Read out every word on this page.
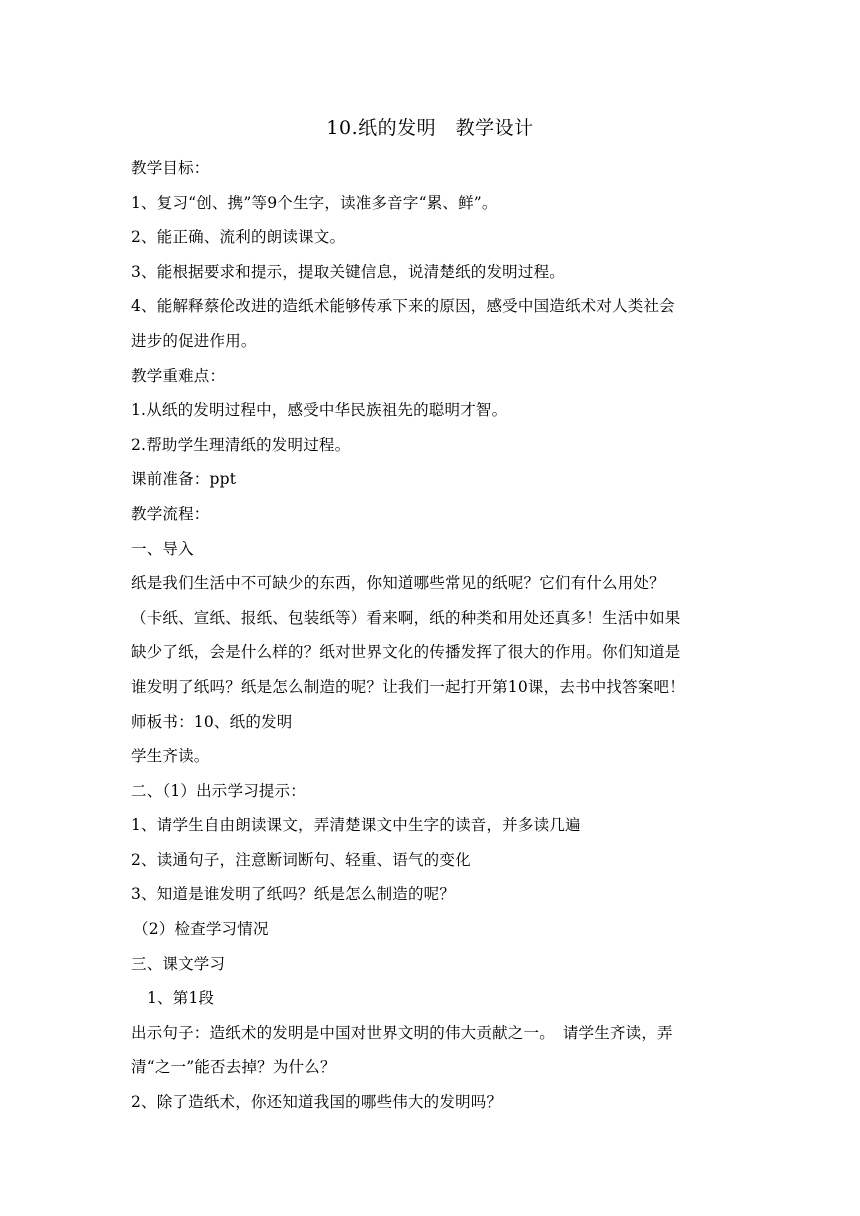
10.纸的发明　教学设计
教学目标：
1、复习“创、携”等9个生字，读准多音字“累、鲜”。
2、能正确、流利的朗读课文。
3、能根据要求和提示，提取关键信息，说清楚纸的发明过程。
4、能解释蔡伦改进的造纸术能够传承下来的原因，感受中国造纸术对人类社会
进步的促进作用。
教学重难点：
1.从纸的发明过程中，感受中华民族祖先的聪明才智。
2.帮助学生理清纸的发明过程。
课前准备：ppt
教学流程：
一、导入
纸是我们生活中不可缺少的东西，你知道哪些常见的纸呢？它们有什么用处？
（卡纸、宣纸、报纸、包装纸等）看来啊，纸的种类和用处还真多！生活中如果
缺少了纸，会是什么样的？纸对世界文化的传播发挥了很大的作用。你们知道是
谁发明了纸吗？纸是怎么制造的呢？让我们一起打开第10课，去书中找答案吧！
师板书：10、纸的发明
学生齐读。
二、（1）出示学习提示：
1、请学生自由朗读课文，弄清楚课文中生字的读音，并多读几遍
2、读通句子，注意断词断句、轻重、语气的变化
3、知道是谁发明了纸吗？纸是怎么制造的呢？
（2）检查学习情况
三、课文学习
1、第1段
出示句子：造纸术的发明是中国对世界文明的伟大贡献之一。　请学生齐读，弄
清“之一”能否去掉？为什么？
2、除了造纸术，你还知道我国的哪些伟大的发明吗？
